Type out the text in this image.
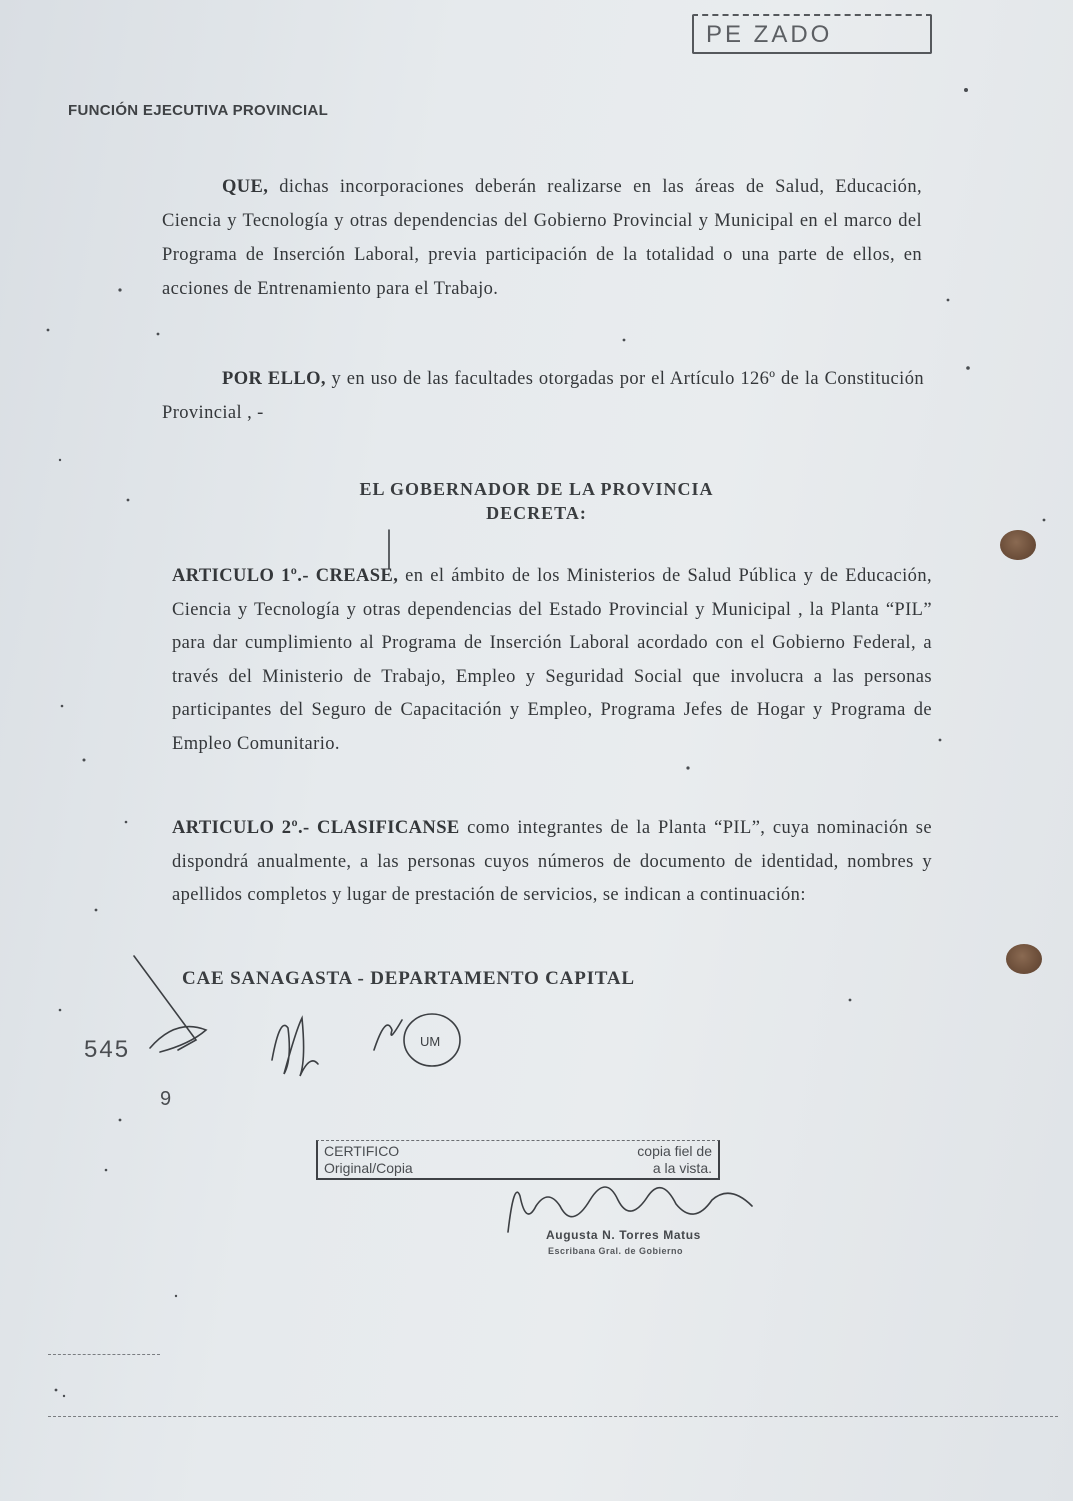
PE ZADO
FUNCIÓN EJECUTIVA PROVINCIAL
QUE, dichas incorporaciones deberán realizarse en las áreas de Salud, Educación, Ciencia y Tecnología y otras dependencias del Gobierno Provincial y Municipal en el marco del Programa de Inserción Laboral, previa participación de la totalidad o una parte de ellos, en acciones de Entrenamiento para el Trabajo.
POR ELLO, y en uso de las facultades otorgadas por el Artículo 126º de la Constitución Provincial , -
EL GOBERNADOR DE LA PROVINCIA
DECRETA:
ARTICULO 1º.- CREASE, en el ámbito de los Ministerios de Salud Pública y de Educación, Ciencia y Tecnología y otras dependencias del Estado Provincial y Municipal , la Planta “PIL” para dar cumplimiento al Programa de Inserción Laboral acordado con el Gobierno Federal, a través del Ministerio de Trabajo, Empleo y Seguridad Social que involucra a las personas participantes del Seguro de Capacitación y Empleo, Programa Jefes de Hogar y Programa de Empleo Comunitario.
ARTICULO 2º.- CLASIFICANSE como integrantes de la Planta “PIL”, cuya nominación se dispondrá anualmente, a las personas cuyos números de documento de identidad, nombres y apellidos completos y lugar de prestación de servicios, se indican a continuación:
CAE SANAGASTA - DEPARTAMENTO CAPITAL
545
9
CERTIFICO	copia fiel de
Original/Copia	a la vista.
Augusta N. Torres Matus
Escribana Gral. de Gobierno
UM
